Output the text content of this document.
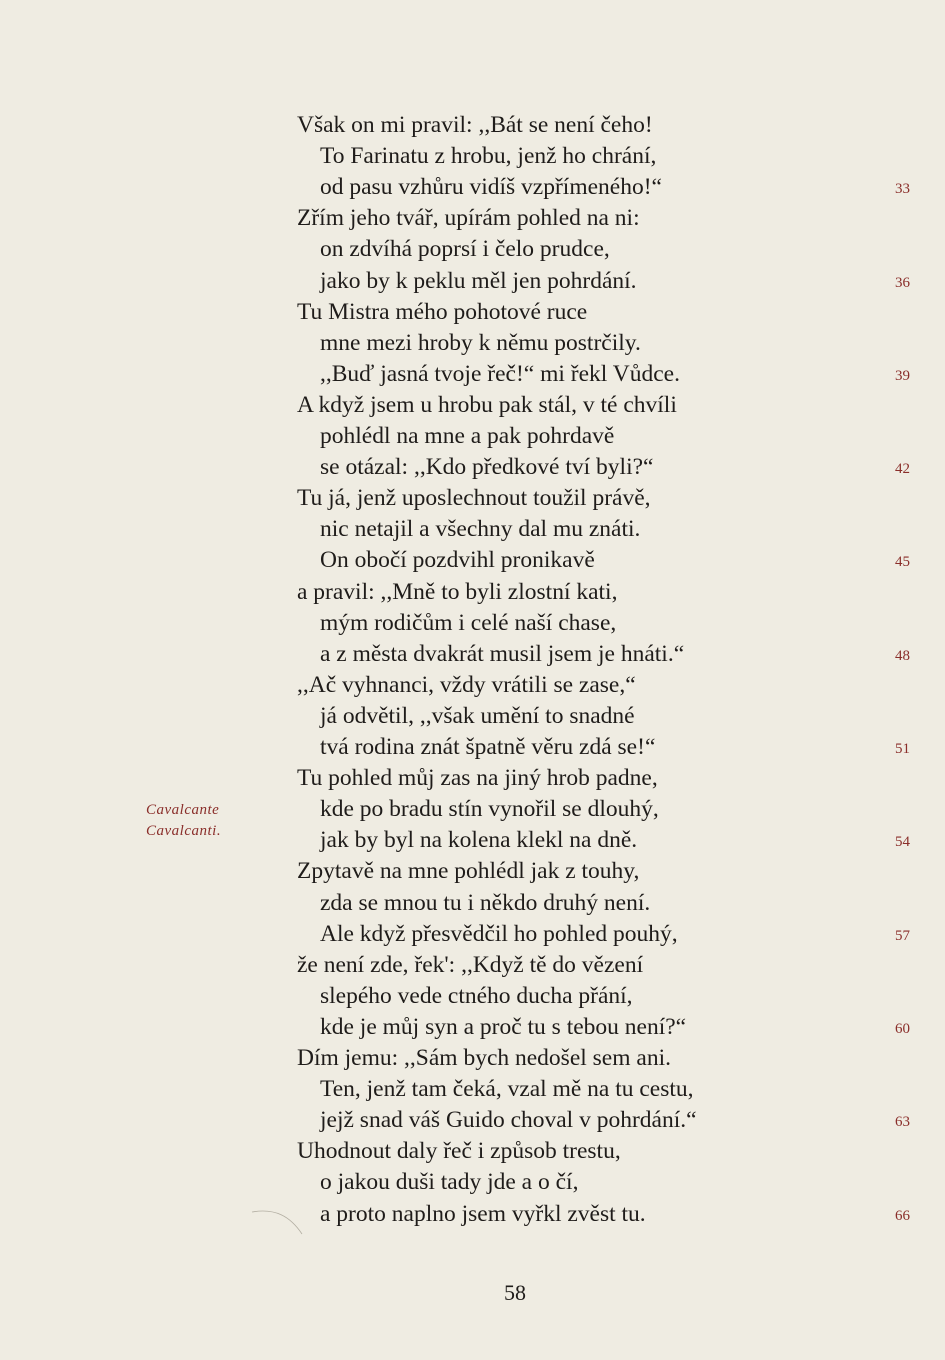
Však on mi pravil: ,,Bát se není čeho!
To Farinatu z hrobu, jenž ho chrání,
od pasu vzhůru vidíš vzpřímeného!“	33
Zřím jeho tvář, upírám pohled na ni:
on zdvíhá poprsí i čelo prudce,
jako by k peklu měl jen pohrdání.	36
Tu Mistra mého pohotové ruce
mne mezi hroby k němu postrčily.
,,Buď jasná tvoje řeč!“ mi řekl Vůdce.	39
A když jsem u hrobu pak stál, v té chvíli
pohlédl na mne a pak pohrdavě
se otázal: ,,Kdo předkové tví byli?“	42
Tu já, jenž uposlechnout toužil právě,
nic netajil a všechny dal mu znáti.
On obočí pozdvihl pronikavě	45
a pravil: ,,Mně to byli zlostní kati,
mým rodičům i celé naší chase,
a z města dvakrát musil jsem je hnáti.“	48
,,Ač vyhnanci, vždy vrátili se zase,“
já odvětil, ,,však umění to snadné
tvá rodina znát špatně věru zdá se!“	51
Tu pohled můj zas na jiný hrob padne,
kde po bradu stín vynořil se dlouhý,
jak by byl na kolena klekl na dně.	54
Zpytavě na mne pohlédl jak z touhy,
zda se mnou tu i někdo druhý není.
Ale když přesvědčil ho pohled pouhý,	57
že není zde, řek': ,,Když tě do vězení
slepého vede ctného ducha přání,
kde je můj syn a proč tu s tebou není?“	60
Dím jemu: ,,Sám bych nedošel sem ani.
Ten, jenž tam čeká, vzal mě na tu cestu,
jejž snad váš Guido choval v pohrdání.“	63
Uhodnout daly řeč i způsob trestu,
o jakou duši tady jde a o čí,
a proto naplno jsem vyřkl zvěst tu.	66
Cavalcante
Cavalcanti.
58
